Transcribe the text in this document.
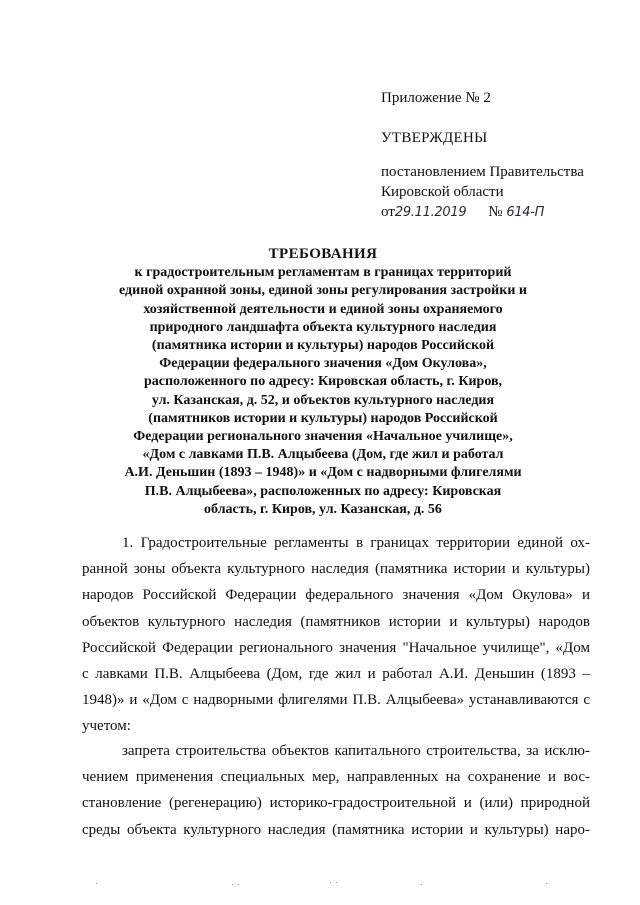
Приложение № 2
УТВЕРЖДЕНЫ
постановлением Правительства
Кировской области
от29.11.2019 № 614-П
ТРЕБОВАНИЯ
к градостроительным регламентам в границах территорий
единой охранной зоны, единой зоны регулирования застройки и
хозяйственной деятельности и единой зоны охраняемого
природного ландшафта объекта культурного наследия
(памятника истории и культуры) народов Российской
Федерации федерального значения «Дом Окулова»,
расположенного по адресу: Кировская область, г. Киров,
ул. Казанская, д. 52, и объектов культурного наследия
(памятников истории и культуры) народов Российской
Федерации регионального значения «Начальное училище»,
«Дом с лавками П.В. Алцыбеева (Дом, где жил и работал
А.И. Деньшин (1893 – 1948)» и «Дом с надворными флигелями
П.В. Алцыбеева», расположенных по адресу: Кировская
область, г. Киров, ул. Казанская, д. 56
1. Градостроительные регламенты в границах территории единой ох-
ранной зоны объекта культурного наследия (памятника истории и культуры)
народов Российской Федерации федерального значения «Дом Окулова» и
объектов культурного наследия (памятников истории и культуры) народов
Российской Федерации регионального значения "Начальное училище", «Дом
с лавками П.В. Алцыбеева (Дом, где жил и работал А.И. Деньшин (1893 –
1948)» и «Дом с надворными флигелями П.В. Алцыбеева» устанавливаются с
учетом:
запрета строительства объектов капитального строительства, за исклю-
чением применения специальных мер, направленных на сохранение и вос-
становление (регенерацию) историко-градостроительной и (или) природной
среды объекта культурного наследия (памятника истории и культуры) наро-
